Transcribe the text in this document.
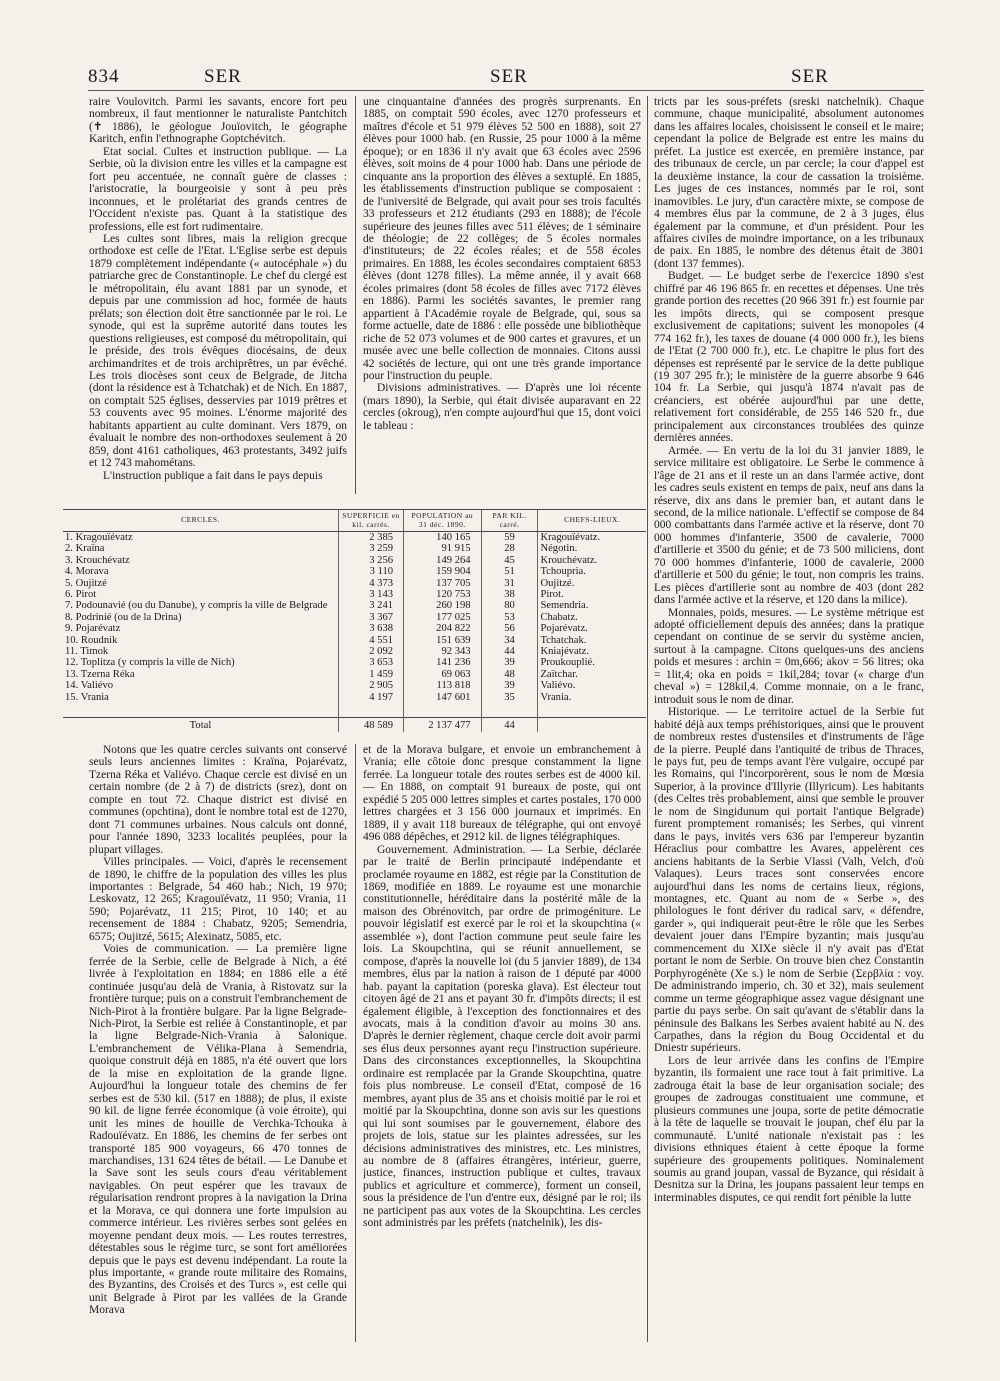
834	SER	SER	SER

raire Voulovitch. Parmi les savants, encore fort peu nombreux, il faut mentionner le naturaliste Pantchitch (✝ 1886), le géologue Jouïovitch, le géographe Karitch, enfin l'ethnographe Goptchévitch.

Etat social. Cultes et instruction publique. — La Serbie, où la division entre les villes et la campagne est fort peu accentuée, ne connaît guère de classes : l'aristocratie, la bourgeoisie y sont à peu près inconnues, et le prolétariat des grands centres de l'Occident n'existe pas. Quant à la statistique des professions, elle est fort rudimentaire.

Les cultes sont libres, mais la religion grecque orthodoxe est celle de l'Etat. L'Eglise serbe est depuis 1879 complètement indépendante (« autocéphale ») du patriarche grec de Constantinople. Le chef du clergé est le métropolitain, élu avant 1881 par un synode, et depuis par une commission ad hoc, formée de hauts prélats; son élection doit être sanctionnée par le roi. Le synode, qui est la suprême autorité dans toutes les questions religieuses, est composé du métropolitain, qui le préside, des trois évêques diocésains, de deux archimandrites et de trois archiprêtres, un par évêché. Les trois diocèses sont ceux de Belgrade, de Jitcha (dont la résidence est à Tchatchak) et de Nich. En 1887, on comptait 525 églises, desservies par 1019 prêtres et 53 couvents avec 95 moines. L'énorme majorité des habitants appartient au culte dominant. Vers 1879, on évaluait le nombre des non-orthodoxes seulement à 20 859, dont 4161 catholiques, 463 protestants, 3492 juifs et 12 743 mahométans.

L'instruction publique a fait dans le pays depuis

une cinquantaine d'années des progrès surprenants. En 1885, on comptait 590 écoles, avec 1270 professeurs et maîtres d'école et 51 979 élèves 52 500 en 1888), soit 27 élèves pour 1000 hab. (en Russie, 25 pour 1000 à la même époque); or en 1836 il n'y avait que 63 écoles avec 2596 élèves, soit moins de 4 pour 1000 hab. Dans une période de cinquante ans la proportion des élèves a sextuplé. En 1885, les établissements d'instruction publique se composaient : de l'université de Belgrade, qui avait pour ses trois facultés 33 professeurs et 212 étudiants (293 en 1888); de l'école supérieure des jeunes filles avec 511 élèves; de 1 séminaire de théologie; de 22 collèges; de 5 écoles normales d'instituteurs; de 22 écoles réales; et de 558 écoles primaires. En 1888, les écoles secondaires comptaient 6853 élèves (dont 1278 filles). La même année, il y avait 668 écoles primaires (dont 58 écoles de filles avec 7172 élèves en 1886). Parmi les sociétés savantes, le premier rang appartient à l'Académie royale de Belgrade, qui, sous sa forme actuelle, date de 1886 : elle possède une bibliothèque riche de 52 073 volumes et de 900 cartes et gravures, et un musée avec une belle collection de monnaies. Citons aussi 42 sociétés de lecture, qui ont une très grande importance pour l'instruction du peuple.

Divisions administratives. — D'après une loi récente (mars 1890), la Serbie, qui était divisée auparavant en 22 cercles (okroug), n'en compte aujourd'hui que 15, dont voici le tableau :

CERCLES.	SUPERFICIE en kil. carrés.	POPULATION au 31 déc. 1890.	PAR KIL. carré.	CHEFS-LIEUX.
1. Kragouïévatz	2 385	140 165	59	Kragouïévatz.
2. Kraïna	3 259	91 915	28	Négotin.
3. Krouchévatz	3 256	149 264	45	Krouchévatz.
4. Morava	3 110	159 904	51	Tchoupria.
5. Oujitzé	4 373	137 705	31	Oujitzé.
6. Pirot	3 143	120 753	38	Pirot.
7. Podounavié (ou du Danube), y compris la ville de Belgrade	3 241	260 198	80	Semendria.
8. Podrinié (ou de la Drina)	3 367	177 025	53	Chabatz.
9. Pojarévatz	3 638	204 822	56	Pojarévatz.
10. Roudnik	4 551	151 639	34	Tchatchak.
11. Timok	2 092	92 343	44	Kniajévatz.
12. Toplitza (y compris la ville de Nich)	3 653	141 236	39	Proukouplié.
13. Tzerna Réka	1 459	69 063	48	Zaïtchar.
14. Valiévo	2 905	113 818	39	Valiévo.
15. Vrania	4 197	147 601	35	Vrania.

Total	48 589	2 137 477	44	

tricts par les sous-préfets (sreski natchelnik). Chaque commune, chaque municipalité, absolument autonomes dans les affaires locales, choisissent le conseil et le maire; cependant la police de Belgrade est entre les mains du préfet. La justice est exercée, en première instance, par des tribunaux de cercle, un par cercle; la cour d'appel est la deuxième instance, la cour de cassation la troisième. Les juges de ces instances, nommés par le roi, sont inamovibles. Le jury, d'un caractère mixte, se compose de 4 membres élus par la commune, de 2 à 3 juges, élus également par la commune, et d'un président. Pour les affaires civiles de moindre importance, on a les tribunaux de paix. En 1885, le nombre des détenus était de 3801 (dont 137 femmes).

Budget. — Le budget serbe de l'exercice 1890 s'est chiffré par 46 196 865 fr. en recettes et dépenses. Une très grande portion des recettes (20 966 391 fr.) est fournie par les impôts directs, qui se composent presque exclusivement de capitations; suivent les monopoles (4 774 162 fr.), les taxes de douane (4 000 000 fr.), les biens de l'Etat (2 700 000 fr.), etc. Le chapitre le plus fort des dépenses est représenté par le service de la dette publique (19 307 295 fr.); le ministère de la guerre absorbe 9 646 104 fr. La Serbie, qui jusqu'à 1874 n'avait pas de créanciers, est obérée aujourd'hui par une dette, relativement fort considérable, de 255 146 520 fr., due principalement aux circonstances troublées des quinze dernières années.

Armée. — En vertu de la loi du 31 janvier 1889, le service militaire est obligatoire. Le Serbe le commence à l'âge de 21 ans et il reste un an dans l'armée active, dont les cadres seuls existent en temps de paix, neuf ans dans la réserve, dix ans dans le premier ban, et autant dans le second, de la milice nationale. L'effectif se compose de 84 000 combattants dans l'armée active et la réserve, dont 70 000 hommes d'infanterie, 3500 de cavalerie, 7000 d'artillerie et 3500 du génie; et de 73 500 miliciens, dont 70 000 hommes d'infanterie, 1000 de cavalerie, 2000 d'artillerie et 500 du génie; le tout, non compris les trains. Les pièces d'artillerie sont au nombre de 403 (dont 282 dans l'armée active et la réserve, et 120 dans la milice).

Monnaies, poids, mesures. — Le système métrique est adopté officiellement depuis des années; dans la pratique cependant on continue de se servir du système ancien, surtout à la campagne. Citons quelques-uns des anciens poids et mesures : archin = 0m,666; akov = 56 litres; oka = 1lit,4; oka en poids = 1kil,284; tovar (« charge d'un cheval ») = 128kil,4. Comme monnaie, on a le franc, introduit sous le nom de dinar.

Historique. — Le territoire actuel de la Serbie fut habité déjà aux temps préhistoriques, ainsi que le prouvent de nombreux restes d'ustensiles et d'instruments de l'âge de la pierre. Peuplé dans l'antiquité de tribus de Thraces, le pays fut, peu de temps avant l'ère vulgaire, occupé par les Romains, qui l'incorporèrent, sous le nom de Mœsia Superior, à la province d'Illyrie (Illyricum). Les habitants (des Celtes très probablement, ainsi que semble le prouver le nom de Singidunum qui portait l'antique Belgrade) furent promptement romanisés; les Serbes, qui vinrent dans le pays, invités vers 636 par l'empereur byzantin Héraclius pour combattre les Avares, appelèrent ces anciens habitants de la Serbie Vlassi (Valh, Velch, d'où Valaques). Leurs traces sont conservées encore aujourd'hui dans les noms de certains lieux, régions, montagnes, etc. Quant au nom de « Serbe », des philologues le font dériver du radical sarv, « défendre, garder », qui indiquerait peut-être le rôle que les Serbes devaient jouer dans l'Empire byzantin; mais jusqu'au commencement du XIXe siècle il n'y avait pas d'Etat portant le nom de Serbie. On trouve bien chez Constantin Porphyrogénète (Xe s.) le nom de Serbie (Σερβλία : voy. De administrando imperio, ch. 30 et 32), mais seulement comme un terme géographique assez vague désignant une partie du pays serbe. On sait qu'avant de s'établir dans la péninsule des Balkans les Serbes avaient habité au N. des Carpathes, dans la région du Boug Occidental et du Dniestr supérieurs.

Lors de leur arrivée dans les confins de l'Empire byzantin, ils formaient une race tout à fait primitive. La zadrouga était la base de leur organisation sociale; des groupes de zadrougas constituaient une commune, et plusieurs communes une joupa, sorte de petite démocratie à la tête de laquelle se trouvait le joupan, chef élu par la communauté. L'unité nationale n'existait pas : les divisions ethniques étaient à cette époque la forme supérieure des groupements politiques. Nominalement soumis au grand joupan, vassal de Byzance, qui résidait à Desnitza sur la Drina, les joupans passaient leur temps en interminables disputes, ce qui rendit fort pénible la lutte

Notons que les quatre cercles suivants ont conservé seuls leurs anciennes limites : Kraïna, Pojarévatz, Tzerna Réka et Valiévo. Chaque cercle est divisé en un certain nombre (de 2 à 7) de districts (srez), dont on compte en tout 72. Chaque district est divisé en communes (opchtina), dont le nombre total est de 1270, dont 71 communes urbaines. Nous calculs ont donné, pour l'année 1890, 3233 localités peuplées, pour la plupart villages.

Villes principales. — Voici, d'après le recensement de 1890, le chiffre de la population des villes les plus importantes : Belgrade, 54 460 hab.; Nich, 19 970; Leskovatz, 12 265; Kragouïévatz, 11 950; Vrania, 11 590; Pojarévatz, 11 215; Pirot, 10 140; et au recensement de 1884 : Chabatz, 9205; Semendria, 6575; Oujitzé, 5615; Alexinatz, 5085, etc.

Voies de communication. — La première ligne ferrée de la Serbie, celle de Belgrade à Nich, a été livrée à l'exploitation en 1884; en 1886 elle a été continuée jusqu'au delà de Vrania, à Ristovatz sur la frontière turque; puis on a construit l'embranchement de Nich-Pirot à la frontière bulgare. Par la ligne Belgrade-Nich-Pirot, la Serbie est reliée à Constantinople, et par la ligne Belgrade-Nich-Vrania à Salonique. L'embranchement de Vélika-Plana à Semendria, quoique construit déjà en 1885, n'a été ouvert que lors de la mise en exploitation de la grande ligne. Aujourd'hui la longueur totale des chemins de fer serbes est de 530 kil. (517 en 1888); de plus, il existe 90 kil. de ligne ferrée économique (à voie étroite), qui unit les mines de houille de Verchka-Tchouka à Radouïévatz. En 1886, les chemins de fer serbes ont transporté 185 900 voyageurs, 66 470 tonnes de marchandises, 131 624 têtes de bétail. — Le Danube et la Save sont les seuls cours d'eau véritablement navigables. On peut espérer que les travaux de régularisation rendront propres à la navigation la Drina et la Morava, ce qui donnera une forte impulsion au commerce intérieur. Les rivières serbes sont gelées en moyenne pendant deux mois. — Les routes terrestres, détestables sous le régime turc, se sont fort améliorées depuis que le pays est devenu indépendant. La route la plus importante, « grande route militaire des Romains, des Byzantins, des Croisés et des Turcs », est celle qui unit Belgrade à Pirot par les vallées de la Grande Morava

et de la Morava bulgare, et envoie un embranchement à Vrania; elle côtoie donc presque constamment la ligne ferrée. La longueur totale des routes serbes est de 4000 kil. — En 1888, on comptait 91 bureaux de poste, qui ont expédié 5 205 000 lettres simples et cartes postales, 170 000 lettres chargées et 3 156 000 journaux et imprimés. En 1889, il y avait 118 bureaux de télégraphe, qui ont envoyé 496 088 dépêches, et 2912 kil. de lignes télégraphiques.

Gouvernement. Administration. — La Serbie, déclarée par le traité de Berlin principauté indépendante et proclamée royaume en 1882, est régie par la Constitution de 1869, modifiée en 1889. Le royaume est une monarchie constitutionnelle, héréditaire dans la postérité mâle de la maison des Obrénovitch, par ordre de primogéniture. Le pouvoir législatif est exercé par le roi et la skoupchtina (« assemblée »), dont l'action commune peut seule faire les lois. La Skoupchtina, qui se réunit annuellement, se compose, d'après la nouvelle loi (du 5 janvier 1889), de 134 membres, élus par la nation à raison de 1 député par 4000 hab. payant la capitation (poreska glava). Est électeur tout citoyen âgé de 21 ans et payant 30 fr. d'impôts directs; il est également éligible, à l'exception des fonctionnaires et des avocats, mais à la condition d'avoir au moins 30 ans. D'après le dernier règlement, chaque cercle doit avoir parmi ses élus deux personnes ayant reçu l'instruction supérieure. Dans des circonstances exceptionnelles, la Skoupchtina ordinaire est remplacée par la Grande Skoupchtina, quatre fois plus nombreuse. Le conseil d'Etat, composé de 16 membres, ayant plus de 35 ans et choisis moitié par le roi et moitié par la Skoupchtina, donne son avis sur les questions qui lui sont soumises par le gouvernement, élabore des projets de lois, statue sur les plaintes adressées, sur les décisions administratives des ministres, etc. Les ministres, au nombre de 8 (affaires étrangères, intérieur, guerre, justice, finances, instruction publique et cultes, travaux publics et agriculture et commerce), forment un conseil, sous la présidence de l'un d'entre eux, désigné par le roi; ils ne participent pas aux votes de la Skoupchtina. Les cercles sont administrés par les préfets (natchelnik), les dis-
